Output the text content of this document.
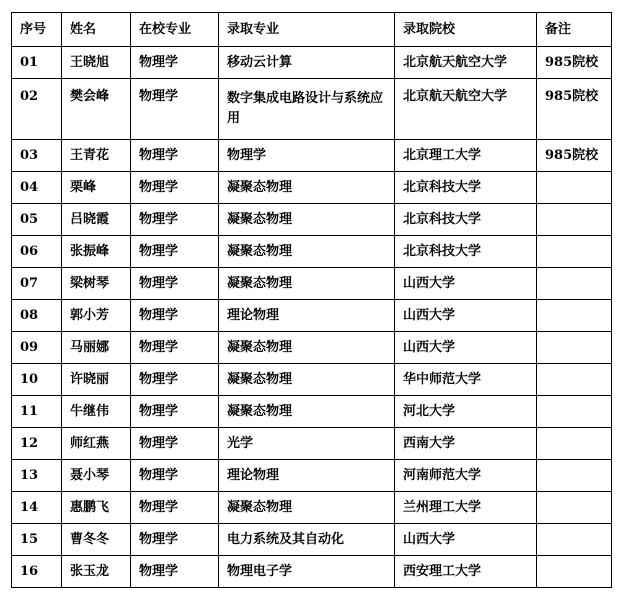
序号	姓名	在校专业	录取专业	录取院校	备注
01	王晓旭	物理学	移动云计算	北京航天航空大学	985院校
02	樊会峰	物理学	数字集成电路设计与系统应用	北京航天航空大学	985院校
03	王青花	物理学	物理学	北京理工大学	985院校
04	栗峰	物理学	凝聚态物理	北京科技大学	
05	吕晓霞	物理学	凝聚态物理	北京科技大学	
06	张振峰	物理学	凝聚态物理	北京科技大学	
07	梁树琴	物理学	凝聚态物理	山西大学	
08	郭小芳	物理学	理论物理	山西大学	
09	马丽娜	物理学	凝聚态物理	山西大学	
10	许晓丽	物理学	凝聚态物理	华中师范大学	
11	牛继伟	物理学	凝聚态物理	河北大学	
12	师红燕	物理学	光学	西南大学	
13	聂小琴	物理学	理论物理	河南师范大学	
14	惠鹏飞	物理学	凝聚态物理	兰州理工大学	
15	曹冬冬	物理学	电力系统及其自动化	山西大学	
16	张玉龙	物理学	物理电子学	西安理工大学	
